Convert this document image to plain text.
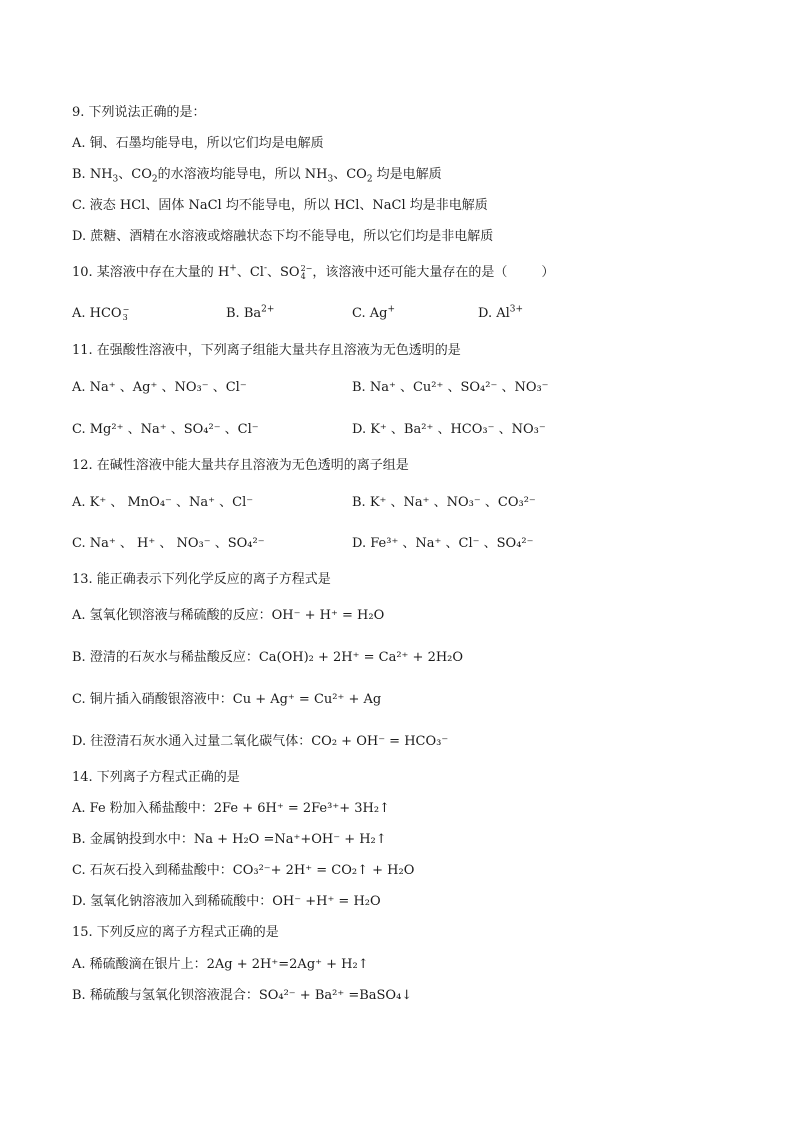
9. 下列说法正确的是：
A. 铜、石墨均能导电，所以它们均是电解质
B. $NH_3$、$CO_2$的水溶液均能导电，所以 $NH_3$、$CO_2$ 均是电解质
C. 液态 HCl、固体 NaCl 均不能导电，所以 HCl、NaCl 均是非电解质
D. 蔗糖、酒精在水溶液或熔融状态下均不能导电，所以它们均是非电解质
10. 某溶液中存在大量的 H+、Cl-、SO 2−
4 ，该溶液中还可能大量存在的是（	）
A. HCO −
3	B. $Ba^{2+}$	C. Ag+	D. $Al^{3+}$
11. 在强酸性溶液中，下列离子组能大量共存且溶液为无色透明的是
A. Na⁺ 、Ag⁺ 、NO₃⁻ 、Cl⁻	B. Na⁺ 、Cu²⁺ 、SO₄²⁻ 、NO₃⁻
C. Mg²⁺ 、Na⁺ 、SO₄²⁻ 、Cl⁻	D. K⁺ 、Ba²⁺ 、HCO₃⁻ 、NO₃⁻
12. 在碱性溶液中能大量共存且溶液为无色透明的离子组是
A. K⁺ 、 MnO₄⁻ 、Na⁺ 、Cl⁻	B. K⁺ 、Na⁺ 、NO₃⁻ 、CO₃²⁻
C. Na⁺ 、 H⁺ 、 NO₃⁻ 、SO₄²⁻	D. Fe³⁺ 、Na⁺ 、Cl⁻ 、SO₄²⁻
13. 能正确表示下列化学反应的离子方程式是
A. 氢氧化钡溶液与稀硫酸的反应：OH⁻ + H⁺ = H₂O
B. 澄清的石灰水与稀盐酸反应：Ca(OH)₂ + 2H⁺ = Ca²⁺ + 2H₂O
C. 铜片插入硝酸银溶液中：Cu + Ag⁺ = Cu²⁺ + Ag
D. 往澄清石灰水通入过量二氧化碳气体：CO₂ + OH⁻ = HCO₃⁻
14. 下列离子方程式正确的是
A. Fe 粉加入稀盐酸中：2Fe + 6H⁺ = 2Fe³⁺+ 3H₂↑
B. 金属钠投到水中：Na + H₂O =Na⁺+OH⁻ + H₂↑
C. 石灰石投入到稀盐酸中：CO₃²⁻+ 2H⁺ = CO₂↑ + H₂O
D. 氢氧化钠溶液加入到稀硫酸中：OH⁻ +H⁺ = H₂O
15. 下列反应的离子方程式正确的是
A. 稀硫酸滴在银片上：2Ag + 2H⁺=2Ag⁺ + H₂↑
B. 稀硫酸与氢氧化钡溶液混合：SO₄²⁻ + Ba²⁺ =BaSO₄↓
